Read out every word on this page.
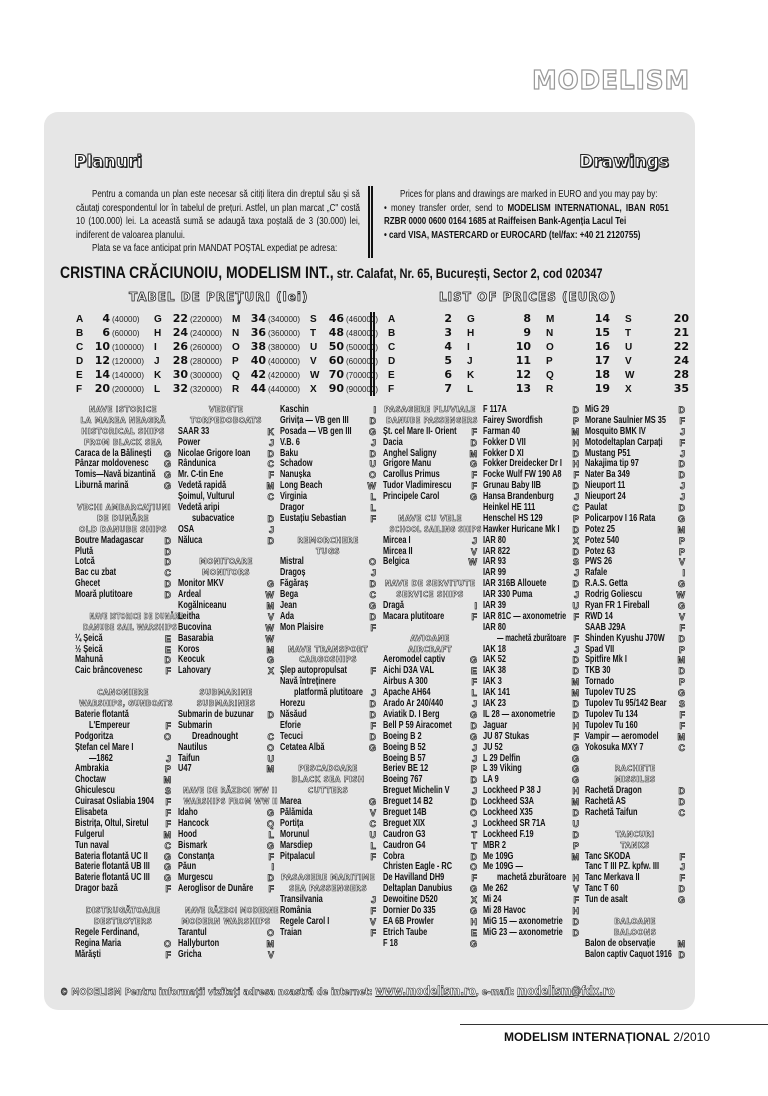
MODELISM
Planuri	Drawings

Pentru a comanda un plan este necesar să citiți litera din dreptul său și să căutați corespondentul lor în tabelul de prețuri. Astfel, un plan marcat „C" costă 10 (100.000) lei. La această sumă se adaugă taxa poștală de 3 (30.000) lei, indiferent de valoarea planului.

Plata se va face anticipat prin MANDAT POȘTAL expediat pe adresa:

Prices for plans and drawings are marked in EURO and you may pay by:

• money transfer order, send to MODELISM INTERNATIONAL, IBAN R051 RZBR 0000 0600 0164 1685 at Raiffeisen Bank-Agenția Lacul Tei
• card VISA, MASTERCARD or EUROCARD (tel/fax: +40 21 2120755)
CRISTINA CRĂCIUNOIU, MODELISM INT., str. Calafat, Nr. 65, București, Sector 2, cod 020347
TABEL DE PREȚURI (lei)	LIST OF PRICES (EURO)
A	4 (40000) G 22 (220000) M 34 (340000) S	46 (460000)
B	6 (60000) H	24 (240000) N	36 (360000) T	48 (480000)
C	10 (100000) I	26 (260000) O 38 (380000) U	50 (500000)
D	12 (120000) J	28 (280000) P	40 (400000) V	60 (600000)
E	14 (140000) K	30 (300000) Q 42 (420000) W 70 (700000)
F	20 (200000) L	32 (320000) R	44 (440000) X	90 (900000)
A	2 G	8 M	14 S	20
B	3 H	9 N	15 T	21
C	4 I	10 O	16 U	22
D	5 J	11 P	17 V	24
E	6 K	12 Q	18 W	28
F	7 L	13 R	19 X	35
NAVE ISTORICE
LA MAREA NEAGRĂ
HISTORICAL SHIPS
FROM BLACK SEA
Caraca de la Bălinești G
Pânzar moldovenesc G
Tomis—Navă bizantină G
Liburnă marină	G
VECHI AMBARCAȚIUNI
DE DUNĂRE
OLD DANUBE SHIPS
Boutre Madagascar D
Plută	D
Lotcă	D
Bac cu zbat	C
Ghecet	D
Moară plutitoare	D
NAVE ISTORICE DE DUNĂRE
DANUBE SAIL WARSHIPS
¼ Șeică	E
½ Șeică	E
Mahună	D
Caic brâncovenesc	F
CANONIERE
WARSHIPS, GUNBOATS
Baterie flotantă
L'Empereur	F
Podgoritza	O
Ștefan cel Mare I
—1862	J
Ambrakia	P
Choctaw	M
Ghiculescu	S
Cuirasat Osliabia 1904 F
Elisabeta	F
Bistrița, Oltul, Siretul F
Fulgerul	M
Tun naval	C
Bateria flotantă UC II G
Baterie flotantă UB III G
Baterie flotantă UC III G
Dragor bază	F
DISTRUGĂTOARE
DESTROYERS
Regele Ferdinand,
Regina Maria	O
Mărăști	F
VEDETE
TORPEDOBOATS
SAAR 33	K
Power	J
Nicolae Grigore Ioan D
Rândunica	C
Mr. C-tin Ene	F
Vedetă rapidă	M
Șoimul, Vulturul	C
Vedetă aripi
subacvatice	D
OSA	J
Năluca	D
MONITOARE
MONITORS
Monitor MKV	G
Ardeal	W
Kogălniceanu	M
Leitha	V
Bucovina	W
Basarabia	W
Koros	M
Keocuk	G
Lahovary	X
SUBMARINE
SUBMARINES
Submarin de buzunar D
Submarin
Dreadnought	C
Nautilus	O
Taifun	U
U47	M
NAVE DE RĂZBOI WW II
WARSHIPS FROM WW II
Idaho	G
Hancock	Q
Hood	L
Bismark	G
Constanța	F
Păun	I
Murgescu	D
Aeroglisor de Dunăre F
NAVE RĂZBOI MODERNE
MODERN WARSHIPS
Tarantul	O
Hallyburton	M
Gricha	V
Kaschin	I
Grivița — VB gen III D
Posada — VB gen III G
V.B. 6	J
Baku	D
Schadow	U
Nanușka	O
Long Beach	W
Virginia	L
Dragor	L
Eustațiu Sebastian	F
REMORCHERE
TUGS
Mistral	O
Dragoș	J
Făgăraș	D
Bega	C
Jean	G
Ada	D
Mon Plaisire	F
NAVE TRANSPORT
CARGOSHIPS
Șlep autopropulsat	F
Navă întreținere
platformă plutitoare J
Horezu	D
Năsăud	D
Eforie	F
Tecuci	D
Cetatea Albă	G
PESCADOARE
BLACK SEA FISH
CUTTERS
Marea	G
Pălămida	V
Portița	C
Morunul	U
Marsdiep	L
Pitpalacul	F
PASAGERE MARITIME
SEA PASSENGERS
Transilvania	J
România	F
Regele Carol I	V
Traian	F
PASAGERE FLUVIALE
DANUBE PASSENGERS
Șt. cel Mare II- Orient F
Dacia	D
Anghel Saligny	M
Grigore Manu	G
Carollus Primus	F
Tudor Vladimirescu F
Principele Carol	G
NAVE CU VELE
SCHOOL SAILING SHIPS
Mircea I	J
Mircea II	V
Belgica	W
NAVE DE SERVITUTE
SERVICE SHIPS
Dragă	I
Macara plutitoare	F
AVIOANE
AIRCRAFT
Aeromodel captiv	G
Aichi D3A VAL	E
Airbus A 300	F
Apache AH64	L
Arado Ar 240/440	J
Aviatik D. I Berg	G
Bell P 59 Airacomet D
Boeing B 2	G
Boeing B 52	J
Boeing B 57	J
Beriev BE 12	P
Boeing 767	D
Breguet Michelin V J
Breguet 14 B2	D
Breguet 14B	O
Breguet XIX	J
Caudron G3	T
Caudron G4	T
Cobra	D
Christen Eagle - RC O
De Havilland DH9	F
Deltaplan Danubius G
Dewoitine D520	X
Dornier Do 335	G
EA 6B Prowler	H
Etrich Taube	E
F 18	G
F 117A	D
Fairey Swordfish	P
Farman 40	M
Fokker D VII	H
Fokker D XI	D
Fokker Dreidecker Dr I H
Focke Wulf FW 190 A8 F
Grunau Baby IIB	D
Hansa Brandenburg J
Heinkel HE 111	C
Henschel HS 129	P
Hawker Huricane Mk I D
IAR 80	X
IAR 822	D
IAR 93	S
IAR 99	J
IAR 316B Allouete	D
IAR 330 Puma	J
IAR 39	U
IAR 81C — axonometrie F
IAR 80
— machetă zburătoare F
IAK 18	J
IAK 52	D
IAK 38	D
IAK 3	M
IAK 141	M
IAK 23	D
IL 28 — axonometrie D
Jaguar	H
JU 87 Stukas	F
JU 52	G
L 29 Delfin	G
L 39 Viking	G
LA 9	G
Lockheed P 38 J	H
Lockheed S3A	M
Lockheed X35	D
Lockheed SR 71A	U
Lockheed F.19	D
MBR 2	P
Me 109G	M
Me 109G —
machetă zburătoare H
Me 262	V
Mi 24	F
Mi 28 Havoc	H
MiG 15 — axonometrie D
MiG 23 — axonometrie D
MiG 29	D
Morane Saulnier MS 35 F
Mosquito BMK IV	J
Motodeltaplan Carpați F
Mustang P51	J
Nakajima tip 97	D
Nater Ba 349	D
Nieuport 11	J
Nieuport 24	J
Paulat	D
Policarpov I 16 Rata	G
Potez 25	M
Potez 540	P
Potez 63	P
PWS 26	V
Rafale	I
R.A.S. Getta	G
Rodrig Goliescu	W
Ryan FR 1 Fireball	G
RWD 14	V
SAAB J29A	F
Shinden Kyushu J70W D
Spad VII	P
Spitfire Mk I	M
TKB 30	D
Tornado	P
Tupolev TU 2S	G
Tupolev Tu 95/142 Bear S
Tupolev Tu 134	F
Tupolev Tu 160	F
Vampir — aeromodel M
Yokosuka MXY 7	C
RACHETE
MISSILES
Rachetă Dragon	D
Rachetă AS	D
Rachetă Taifun	C
TANCURI
TANKS
Tanc SKODA	F
Tanc T III PZ. kpfw. III J
Tanc Merkava II	F
Tanc T 60	D
Tun de asalt	G
BALOANE
BALOONS
Balon de observație M
Balon captiv Caquot 1916 D
© MODELISM Pentru informații vizitați adresa noastră de internet: www.modelism.ro, e-mail: modelism@fdx.ro
MODELISM INTERNAȚIONAL 2/2010
